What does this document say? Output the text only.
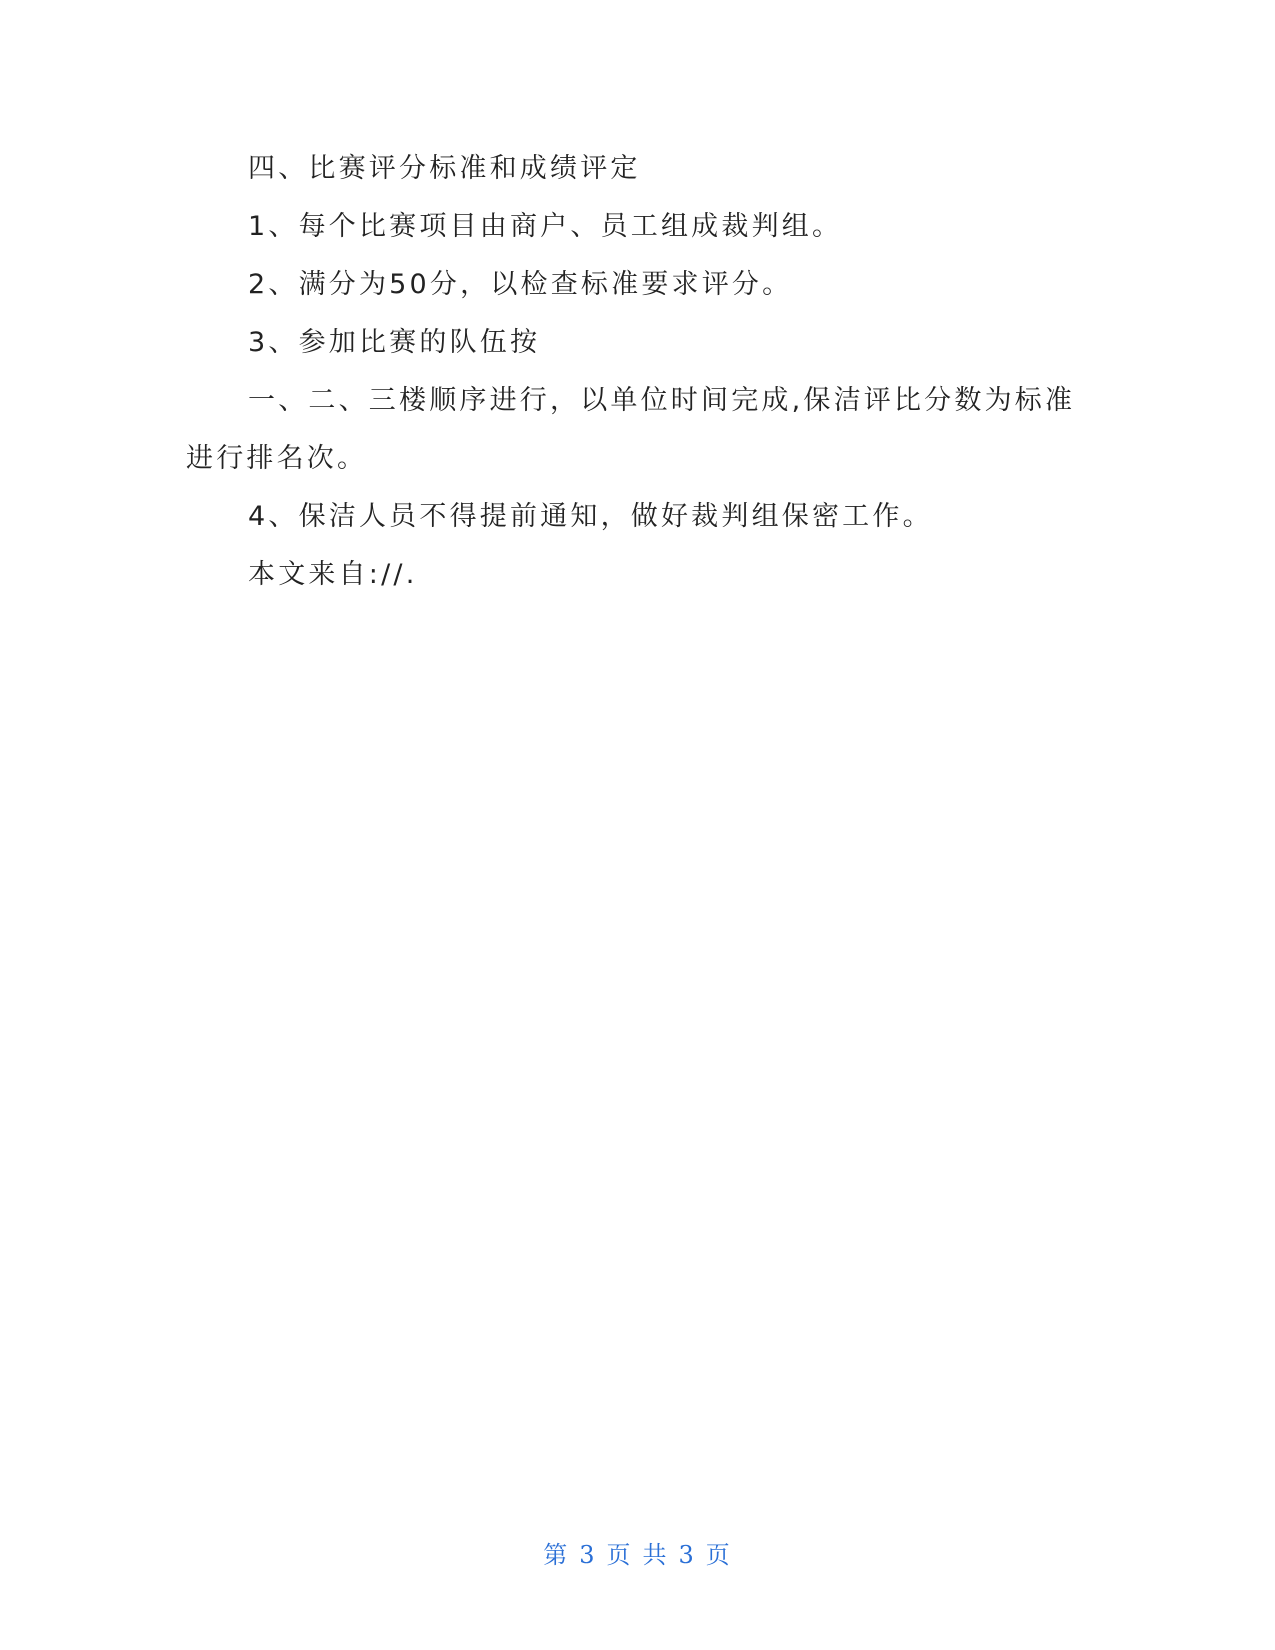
四、比赛评分标准和成绩评定

1、每个比赛项目由商户、员工组成裁判组。

2、满分为50分，以检查标准要求评分。

3、参加比赛的队伍按

一、二、三楼顺序进行，以单位时间完成,保洁评比分数为标准进行排名次。

4、保洁人员不得提前通知，做好裁判组保密工作。

本文来自://.

第 3 页 共 3 页
